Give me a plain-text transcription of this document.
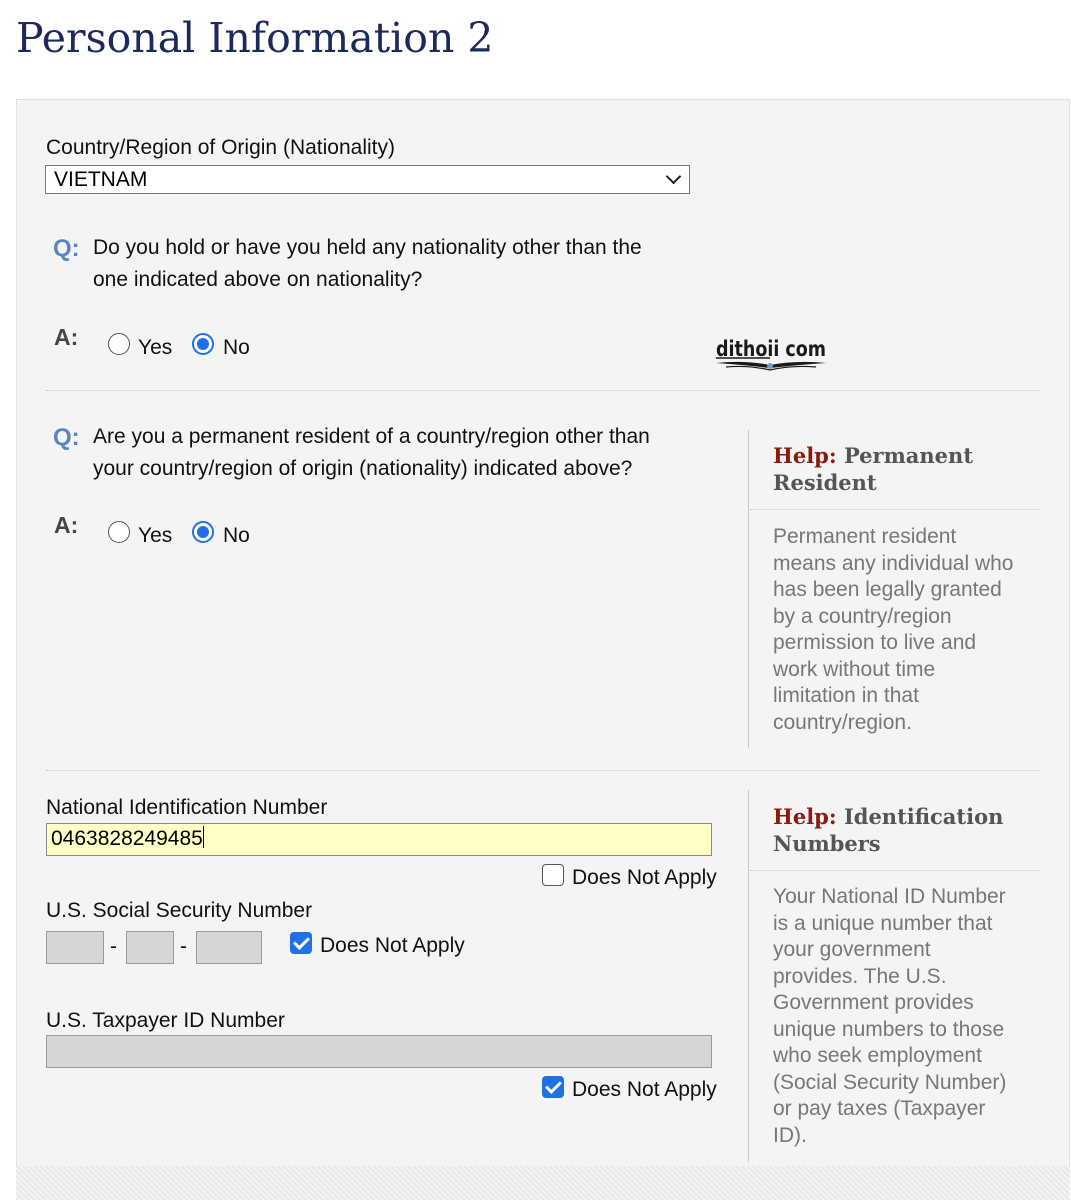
Personal Information 2
Country/Region of Origin (Nationality)
VIETNAM
Q: Do you hold or have you held any nationality other than the
one indicated above on nationality?
A:	Yes No	dithoii com
Q: Are you a permanent resident of a country/region other than
your country/region of origin (nationality) indicated above?
A:	Yes No
Help: Permanent
Resident
Permanent resident
means any individual who
has been legally granted
by a country/region
permission to live and
work without time
limitation in that
country/region.
National Identification Number
0463828249485
Does Not Apply
U.S. Social Security Number
-	-	Does Not Apply
U.S. Taxpayer ID Number
Does Not Apply
Help: Identification
Numbers
Your National ID Number
is a unique number that
your government
provides. The U.S.
Government provides
unique numbers to those
who seek employment
(Social Security Number)
or pay taxes (Taxpayer
ID).
